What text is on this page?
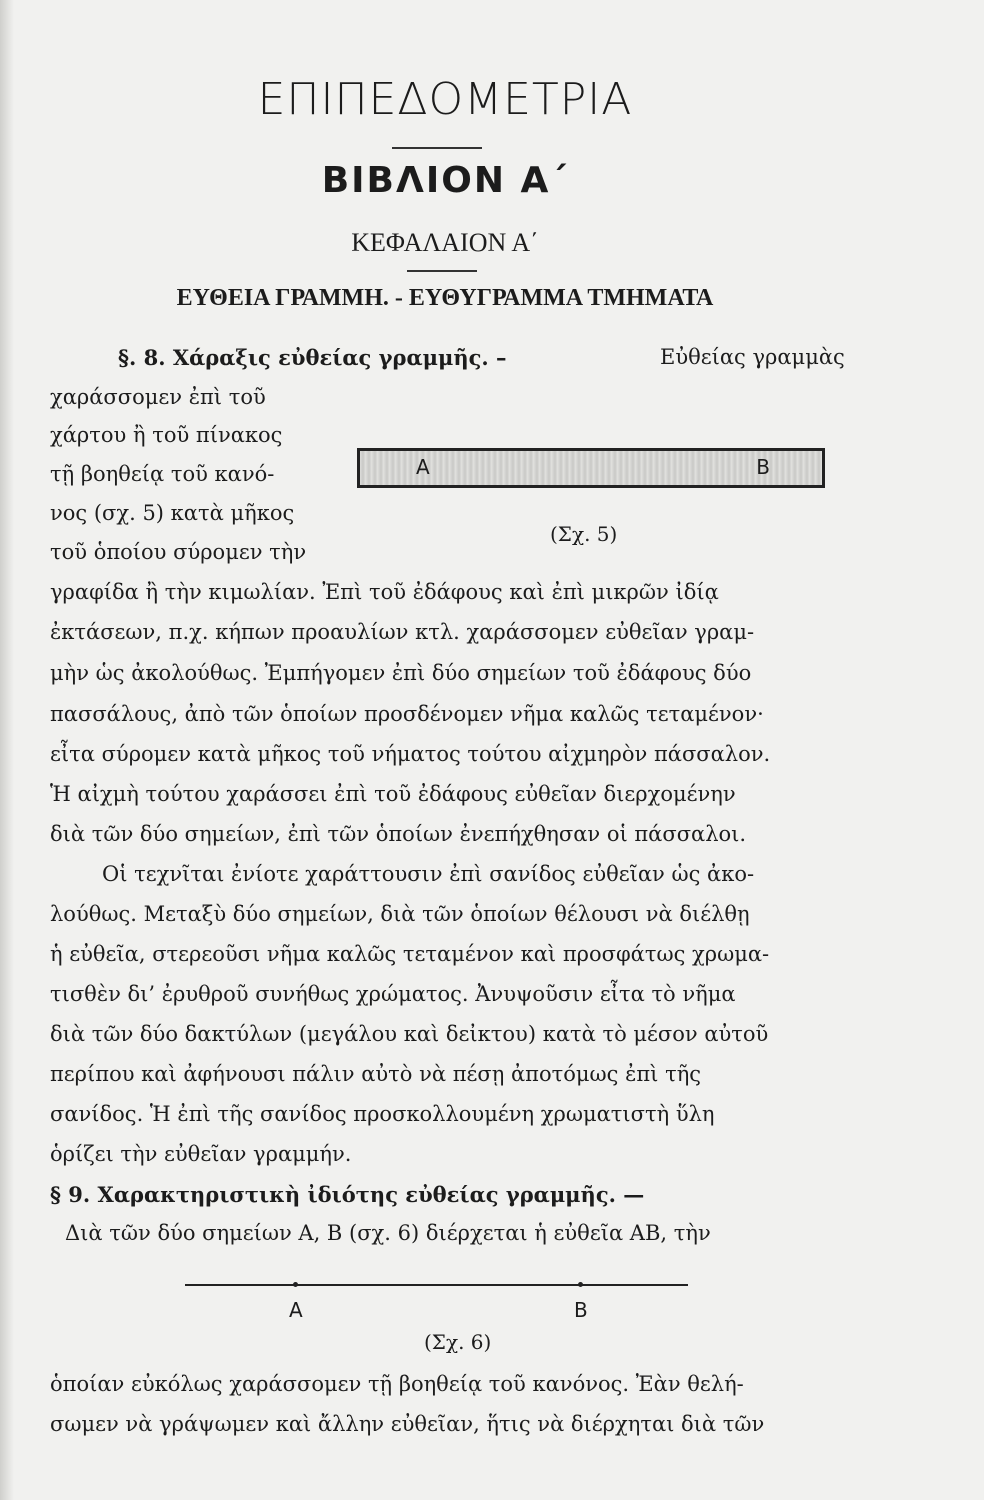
ΕΠΙΠΕΔΟΜΕΤΡΙΑ
ΒΙΒΛΙΟΝ Α΄
ΚΕΦΑΛΑΙΟΝ Α΄
ΕΥΘΕΙΑ ΓΡΑΜΜΗ. - ΕΥΘΥΓΡΑΜΜΑ ΤΜΗΜΑΤΑ
§. 8. Χάραξις εὐθείας γραμμῆς. –	Εὐθείας γραμμὰς
χαράσσομεν ἐπὶ τοῦ
χάρτου ἢ τοῦ πίνακος
τῇ βοηθείᾳ τοῦ κανό-
νος (σχ. 5) κατὰ μῆκος
τοῦ ὁποίου σύρομεν τὴν
Α	Β
(Σχ. 5)
γραφίδα ἢ τὴν κιμωλίαν. Ἐπὶ τοῦ ἐδάφους καὶ ἐπὶ μικρῶν ἰδίᾳ
ἐκτάσεων, π.χ. κήπων προαυλίων κτλ. χαράσσομεν εὐθεῖαν γραμ-
μὴν ὡς ἀκολούθως. Ἐμπήγομεν ἐπὶ δύο σημείων τοῦ ἐδάφους δύο
πασσάλους, ἀπὸ τῶν ὁποίων προσδένομεν νῆμα καλῶς τεταμένον·
εἶτα σύρομεν κατὰ μῆκος τοῦ νήματος τούτου αἰχμηρὸν πάσσαλον.
Ἡ αἰχμὴ τούτου χαράσσει ἐπὶ τοῦ ἐδάφους εὐθεῖαν διερχομένην
διὰ τῶν δύο σημείων, ἐπὶ τῶν ὁποίων ἐνεπήχθησαν οἱ πάσσαλοι.
Οἱ τεχνῖται ἐνίοτε χαράττουσιν ἐπὶ σανίδος εὐθεῖαν ὡς ἀκο-
λούθως. Μεταξὺ δύο σημείων, διὰ τῶν ὁποίων θέλουσι νὰ διέλθῃ
ἡ εὐθεῖα, στερεοῦσι νῆμα καλῶς τεταμένον καὶ προσφάτως χρωμα-
τισθὲν δι’ ἐρυθροῦ συνήθως χρώματος. Ἀνυψοῦσιν εἶτα τὸ νῆμα
διὰ τῶν δύο δακτύλων (μεγάλου καὶ δεἰκτου) κατὰ τὸ μέσον αὐτοῦ
περίπου καὶ ἀφήνουσι πάλιν αὐτὸ νὰ πέσῃ ἀποτόμως ἐπὶ τῆς
σανίδος. Ἡ ἐπὶ τῆς σανίδος προσκολλουμένη χρωματιστὴ ὕλη
ὁρίζει τὴν εὐθεῖαν γραμμήν.
§ 9. Χαρακτηριστικὴ ἰδιότης εὐθείας γραμμῆς. —
Διὰ τῶν δύο σημείων Α, Β (σχ. 6) διέρχεται ἡ εὐθεῖα ΑΒ, τὴν
Α	Β
(Σχ. 6)
ὁποίαν εὐκόλως χαράσσομεν τῇ βοηθείᾳ τοῦ κανόνος. Ἐὰν θελή-
σωμεν νὰ γράψωμεν καὶ ἄλλην εὐθεῖαν, ἥτις νὰ διέρχηται διὰ τῶν
